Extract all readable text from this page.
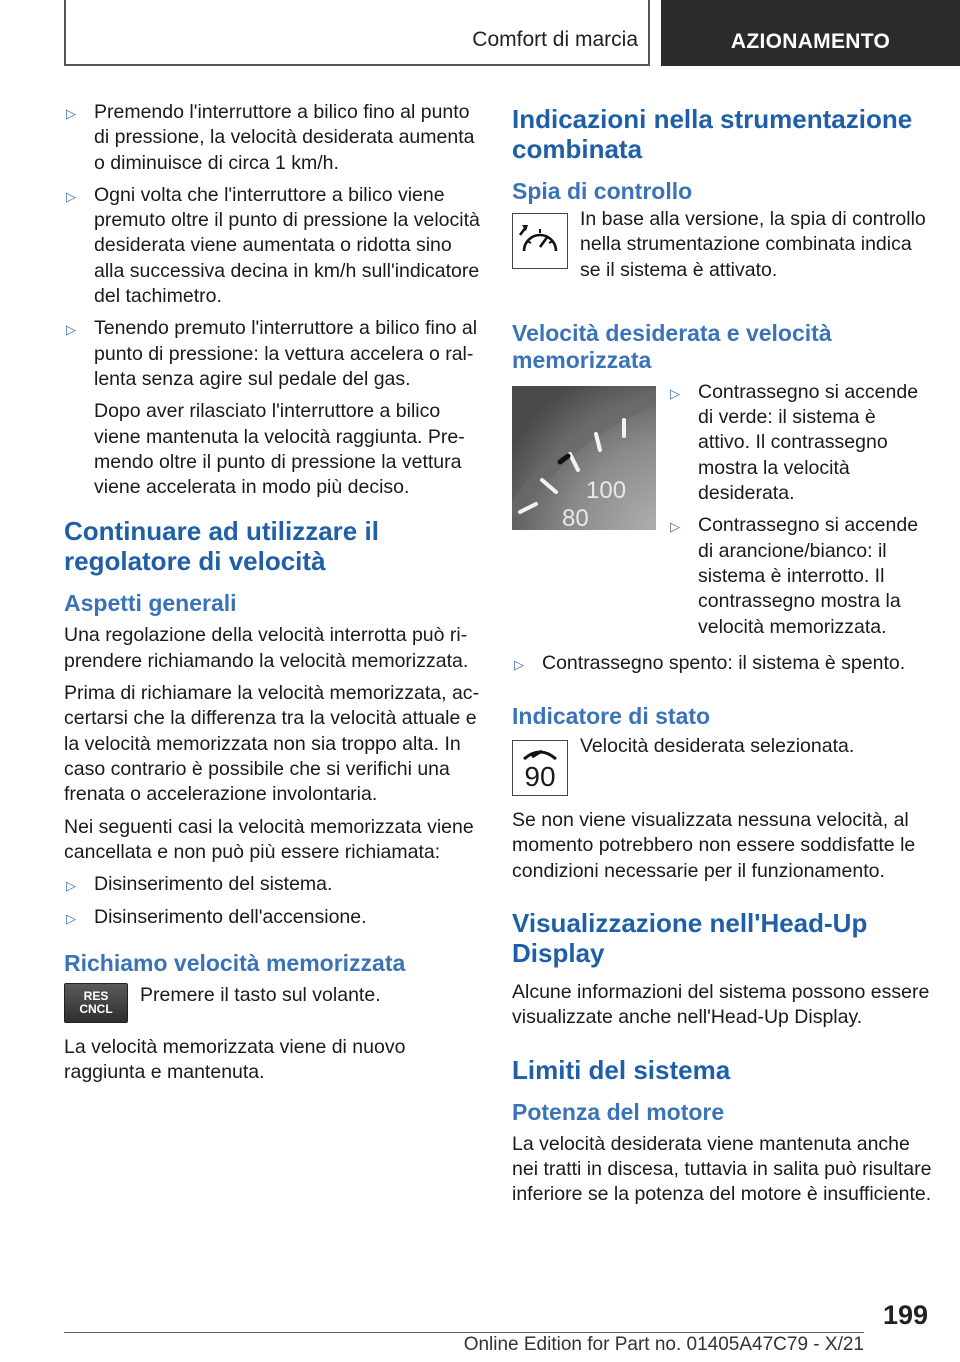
Comfort di marcia	AZIONAMENTO
▷ Premendo l'interruttore a bilico fino al punto di pressione, la velocità desiderata aumenta o diminuisce di circa 1 km/h.
▷ Ogni volta che l'interruttore a bilico viene premuto oltre il punto di pressione la velocità desiderata viene aumentata o ridotta sino alla successiva decina in km/h sull'indicatore del tachimetro.
▷ Tenendo premuto l'interruttore a bilico fino al punto di pressione: la vettura accelera o rallenta senza agire sul pedale del gas.

Dopo aver rilasciato l'interruttore a bilico viene mantenuta la velocità raggiunta. Premendo oltre il punto di pressione la vettura viene accelerata in modo più deciso.

Continuare ad utilizzare il regolatore di velocità
Aspetti generali

Una regolazione della velocità interrotta può riprendere richiamando la velocità memorizzata.

Prima di richiamare la velocità memorizzata, accertarsi che la differenza tra la velocità attuale e la velocità memorizzata non sia troppo alta. In caso contrario è possibile che si verifichi una frenata o accelerazione involontaria.

Nei seguenti casi la velocità memorizzata viene cancellata e non può più essere richiamata:

▷ Disinserimento del sistema.
▷ Disinserimento dell'accensione.
Richiamo velocità memorizzata
RES
CNCL

Premere il tasto sul volante.

La velocità memorizzata viene di nuovo raggiunta e mantenuta.

Indicazioni nella strumentazione combinata
Spia di controllo

In base alla versione, la spia di controllo nella strumentazione combinata indica se il sistema è attivato.

Velocità desiderata e velocità memorizzata
100
80
▷ Contrassegno si accende di verde: il sistema è attivo. Il contrassegno mostra la velocità desiderata.
▷ Contrassegno si accende di arancione/bianco: il sistema è interrotto. Il contrassegno mostra la velocità memorizzata.
▷ Contrassegno spento: il sistema è spento.
Indicatore di stato
90

Velocità desiderata selezionata.

Se non viene visualizzata nessuna velocità, al momento potrebbero non essere soddisfatte le condizioni necessarie per il funzionamento.

Visualizzazione nell'Head-Up Display

Alcune informazioni del sistema possono essere visualizzate anche nell'Head-Up Display.

Limiti del sistema
Potenza del motore

La velocità desiderata viene mantenuta anche nei tratti in discesa, tuttavia in salita può risultare inferiore se la potenza del motore è insufficiente.

199
Online Edition for Part no. 01405A47C79 - X/21
